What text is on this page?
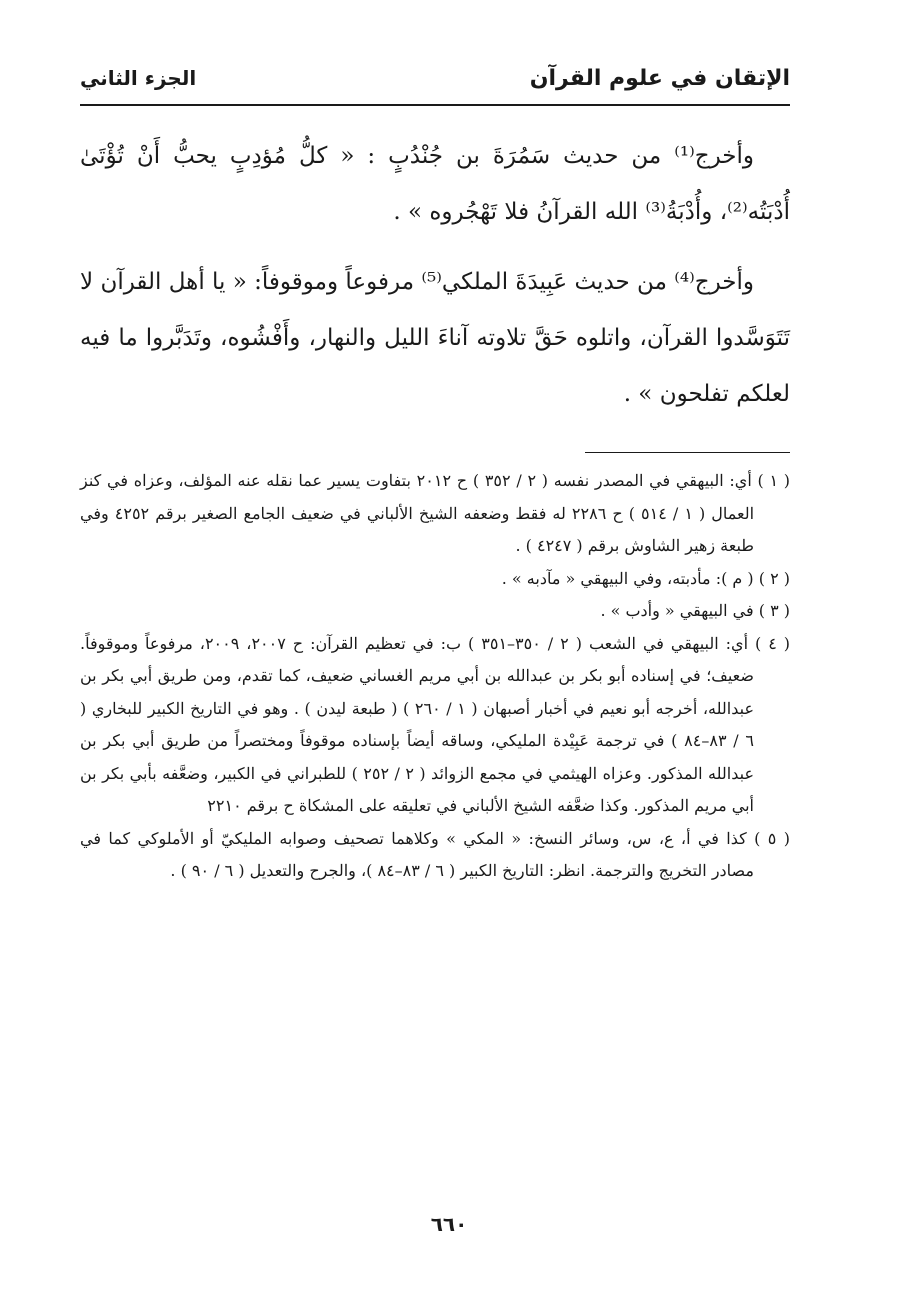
الإتقان في علوم القرآن
الجزء الثاني

وأخرج⁽¹⁾ من حديث سَمُرَةَ بن جُنْدُبٍ : « كلُّ مُؤدِبٍ يحبُّ أَنْ تُؤْتَىٰ أُدْبَتُه⁽²⁾، وأُدْبَةُ⁽³⁾ الله القرآنُ فلا تَهْجُروه » .

وأخرج⁽⁴⁾ من حديث عَبِيدَةَ الملكي⁽⁵⁾ مرفوعاً وموقوفاً: « يا أهل القرآن لا تَتَوَسَّدوا القرآن، واتلوه حَقَّ تلاوته آناءَ الليل والنهار، وأَفْشُوه، وتَدَبَّروا ما فيه لعلكم تفلحون » .

( ١ ) أي: البيهقي في المصدر نفسه ( ٢ / ٣٥٢ ) ح ٢٠١٢ بتفاوت يسير عما نقله عنه المؤلف، وعزاه في كنز العمال ( ١ / ٥١٤ ) ح ٢٢٨٦ له فقط وضعفه الشيخ الألباني في ضعيف الجامع الصغير برقم ٤٢٥٢ وفي طبعة زهير الشاوش برقم ( ٤٢٤٧ ) .

( ٢ ) ( م ): مأدبته، وفي البيهقي « مآدبه » .

( ٣ ) في البيهقي « وأدب » .

( ٤ ) أي: البيهقي في الشعب ( ٢ / ٣٥٠–٣٥١ ) ب: في تعظيم القرآن: ح ٢٠٠٧، ٢٠٠٩، مرفوعاً وموقوفاً. ضعيف؛ في إسناده أبو بكر بن عبدالله بن أبي مريم الغساني ضعيف، كما تقدم، ومن طريق أبي بكر بن عبدالله، أخرجه أبو نعيم في أخبار أصبهان ( ١ / ٢٦٠ ) ( طبعة ليدن ) . وهو في التاريخ الكبير للبخاري ( ٦ / ٨٣–٨٤ ) في ترجمة عَبِيْدة المليكي، وساقه أيضاً بإسناده موقوفاً ومختصراً من طريق أبي بكر بن عبدالله المذكور. وعزاه الهيثمي في مجمع الزوائد ( ٢ / ٢٥٢ ) للطبراني في الكبير، وضعَّفه بأبي بكر بن أبي مريم المذكور. وكذا ضعَّفه الشيخ الألباني في تعليقه على المشكاة ح برقم ٢٢١٠

( ٥ ) كذا في أ، ع، س، وسائر النسخ: « المكي » وكلاهما تصحيف وصوابه المليكيّ أو الأملوكي كما في مصادر التخريج والترجمة. انظر: التاريخ الكبير ( ٦ / ٨٣–٨٤ )، والجرح والتعديل ( ٦ / ٩٠ ) .

٦٦٠
